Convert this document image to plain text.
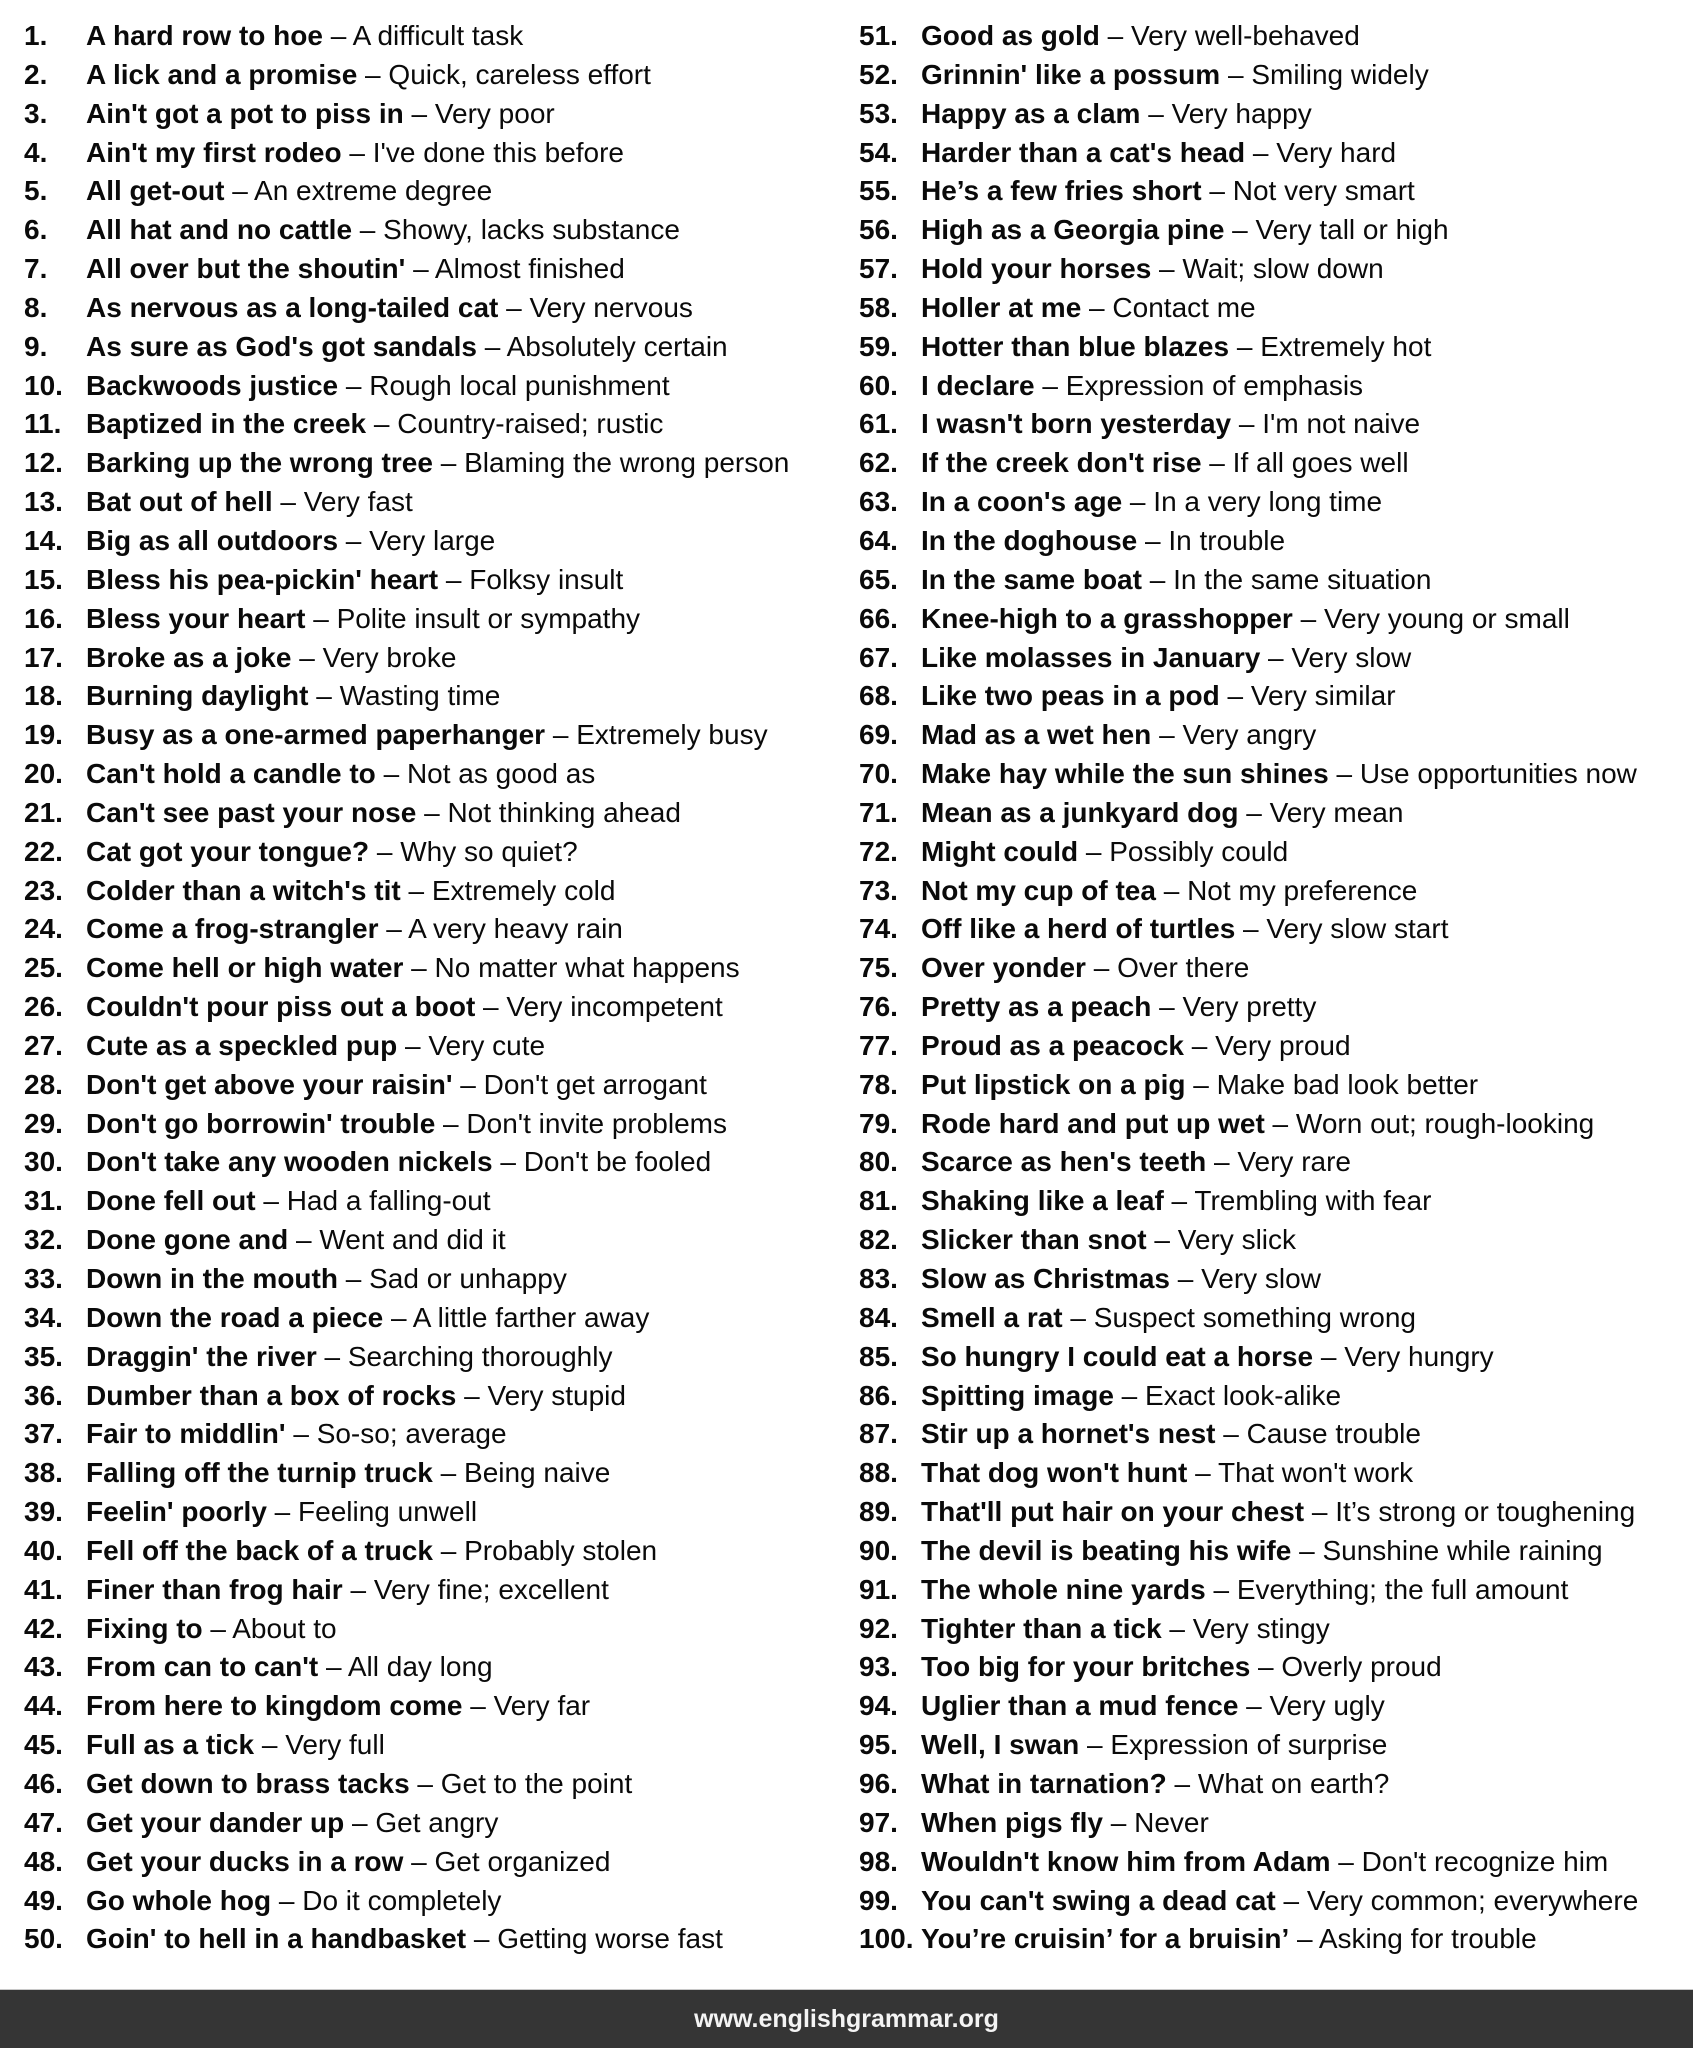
1. A hard row to hoe – A difficult task
2. A lick and a promise – Quick, careless effort
3. Ain't got a pot to piss in – Very poor
4. Ain't my first rodeo – I've done this before
5. All get-out – An extreme degree
6. All hat and no cattle – Showy, lacks substance
7. All over but the shoutin' – Almost finished
8. As nervous as a long-tailed cat – Very nervous
9. As sure as God's got sandals – Absolutely certain
10. Backwoods justice – Rough local punishment
11. Baptized in the creek – Country-raised; rustic
12. Barking up the wrong tree – Blaming the wrong person
13. Bat out of hell – Very fast
14. Big as all outdoors – Very large
15. Bless his pea-pickin' heart – Folksy insult
16. Bless your heart – Polite insult or sympathy
17. Broke as a joke – Very broke
18. Burning daylight – Wasting time
19. Busy as a one-armed paperhanger – Extremely busy
20. Can't hold a candle to – Not as good as
21. Can't see past your nose – Not thinking ahead
22. Cat got your tongue? – Why so quiet?
23. Colder than a witch's tit – Extremely cold
24. Come a frog-strangler – A very heavy rain
25. Come hell or high water – No matter what happens
26. Couldn't pour piss out a boot – Very incompetent
27. Cute as a speckled pup – Very cute
28. Don't get above your raisin' – Don't get arrogant
29. Don't go borrowin' trouble – Don't invite problems
30. Don't take any wooden nickels – Don't be fooled
31. Done fell out – Had a falling-out
32. Done gone and – Went and did it
33. Down in the mouth – Sad or unhappy
34. Down the road a piece – A little farther away
35. Draggin' the river – Searching thoroughly
36. Dumber than a box of rocks – Very stupid
37. Fair to middlin' – So-so; average
38. Falling off the turnip truck – Being naive
39. Feelin' poorly – Feeling unwell
40. Fell off the back of a truck – Probably stolen
41. Finer than frog hair – Very fine; excellent
42. Fixing to – About to
43. From can to can't – All day long
44. From here to kingdom come – Very far
45. Full as a tick – Very full
46. Get down to brass tacks – Get to the point
47. Get your dander up – Get angry
48. Get your ducks in a row – Get organized
49. Go whole hog – Do it completely
50. Goin' to hell in a handbasket – Getting worse fast
51. Good as gold – Very well-behaved
52. Grinnin' like a possum – Smiling widely
53. Happy as a clam – Very happy
54. Harder than a cat's head – Very hard
55. He’s a few fries short – Not very smart
56. High as a Georgia pine – Very tall or high
57. Hold your horses – Wait; slow down
58. Holler at me – Contact me
59. Hotter than blue blazes – Extremely hot
60. I declare – Expression of emphasis
61. I wasn't born yesterday – I'm not naive
62. If the creek don't rise – If all goes well
63. In a coon's age – In a very long time
64. In the doghouse – In trouble
65. In the same boat – In the same situation
66. Knee-high to a grasshopper – Very young or small
67. Like molasses in January – Very slow
68. Like two peas in a pod – Very similar
69. Mad as a wet hen – Very angry
70. Make hay while the sun shines – Use opportunities now
71. Mean as a junkyard dog – Very mean
72. Might could – Possibly could
73. Not my cup of tea – Not my preference
74. Off like a herd of turtles – Very slow start
75. Over yonder – Over there
76. Pretty as a peach – Very pretty
77. Proud as a peacock – Very proud
78. Put lipstick on a pig – Make bad look better
79. Rode hard and put up wet – Worn out; rough-looking
80. Scarce as hen's teeth – Very rare
81. Shaking like a leaf – Trembling with fear
82. Slicker than snot – Very slick
83. Slow as Christmas – Very slow
84. Smell a rat – Suspect something wrong
85. So hungry I could eat a horse – Very hungry
86. Spitting image – Exact look-alike
87. Stir up a hornet's nest – Cause trouble
88. That dog won't hunt – That won't work
89. That'll put hair on your chest – It’s strong or toughening
90. The devil is beating his wife – Sunshine while raining
91. The whole nine yards – Everything; the full amount
92. Tighter than a tick – Very stingy
93. Too big for your britches – Overly proud
94. Uglier than a mud fence – Very ugly
95. Well, I swan – Expression of surprise
96. What in tarnation? – What on earth?
97. When pigs fly – Never
98. Wouldn't know him from Adam – Don't recognize him
99. You can't swing a dead cat – Very common; everywhere
100. You’re cruisin’ for a bruisin’ – Asking for trouble
www.englishgrammar.org
